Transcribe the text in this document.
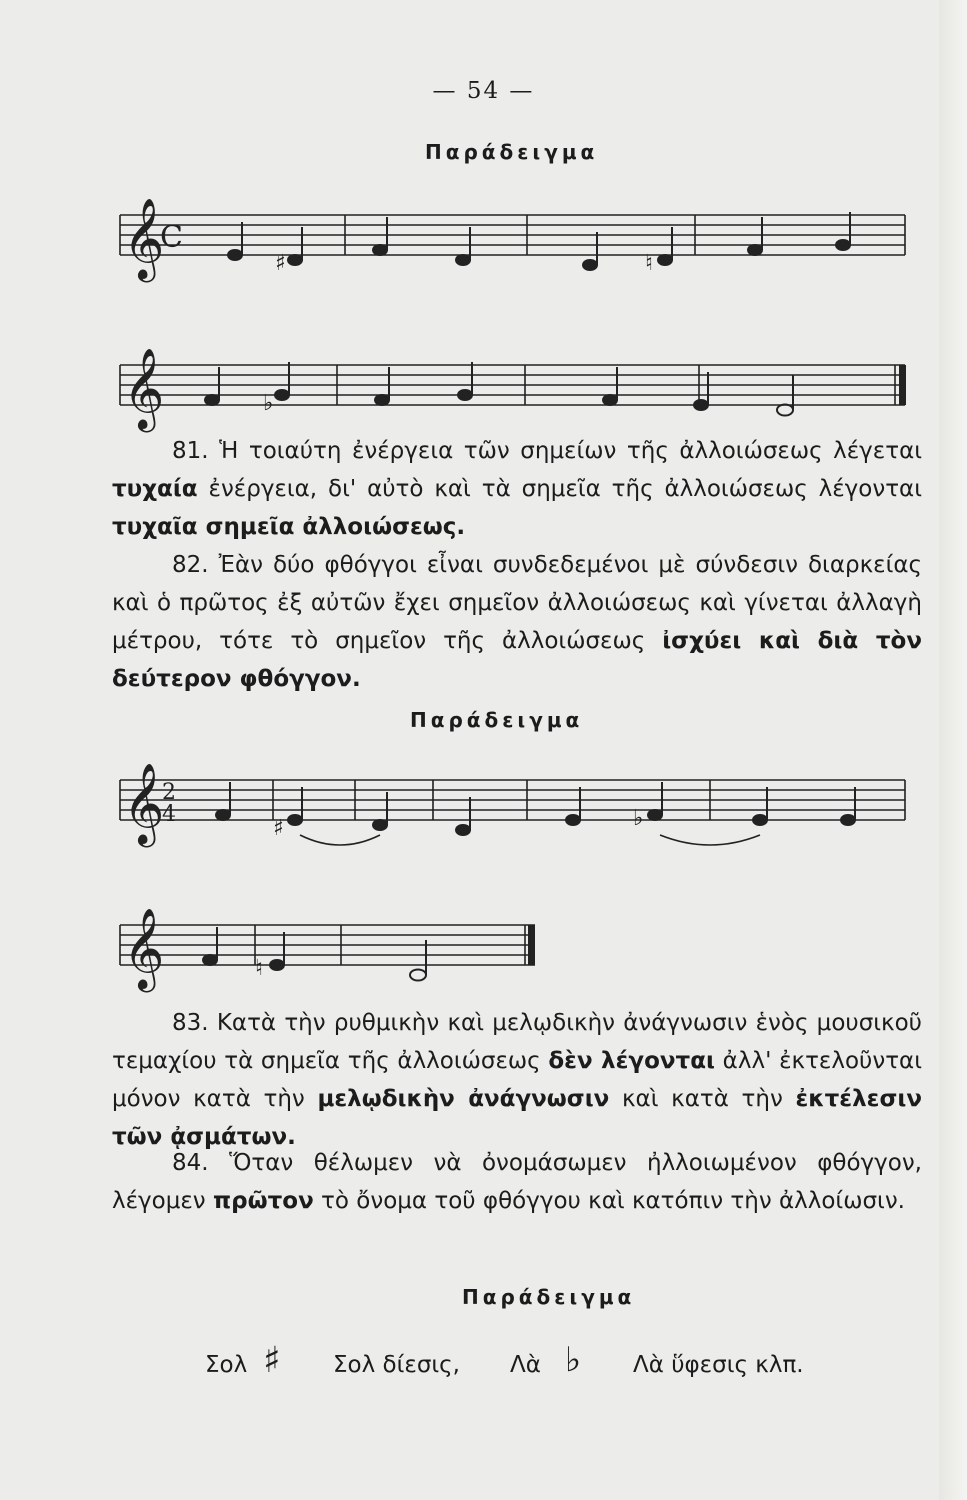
— 54 —
Παράδειγμα
𝄞
C
♯	♮
𝄞	♭

81. Ἡ τοιαύτη ἐνέργεια τῶν σημείων τῆς ἀλλοιώσεως λέγεται τυχαία ἐνέργεια, δι' αὐτὸ καὶ τὰ σημεῖα τῆς ἀλλοιώσεως λέγονται τυχαῖα σημεῖα ἀλλοιώσεως.

82. Ἐὰν δύο φθόγγοι εἶναι συνδεδεμένοι μὲ σύνδεσιν διαρκείας καὶ ὁ πρῶτος ἐξ αὐτῶν ἔχει σημεῖον ἀλλοιώσεως καὶ γίνεται ἀλλαγὴ μέτρου, τότε τὸ σημεῖον τῆς ἀλλοιώσεως ἰσχύει καὶ διὰ τὸν δεύτερον φθόγγον.

Παράδειγμα
𝄞
2
4
♯	♭
𝄞	♮

83. Κατὰ τὴν ρυθμικὴν καὶ μελῳδικὴν ἀνάγνωσιν ἑνὸς μουσικοῦ τεμαχίου τὰ σημεῖα τῆς ἀλλοιώσεως δὲν λέγονται ἀλλ' ἐκτελοῦνται μόνον κατὰ τὴν μελῳδικὴν ἀνάγνωσιν καὶ κατὰ τὴν ἐκτέλεσιν τῶν ᾀσμάτων.

84. Ὅταν θέλωμεν νὰ ὀνομάσωμεν ἠλλοιωμένον φθόγγον, λέγομεν πρῶτον τὸ ὄνομα τοῦ φθόγγου καὶ κατόπιν τὴν ἀλλοίωσιν.

Παράδειγμα
Σολ ♯ Σολ δίεσις, Λὰ ♭ Λὰ ὕφεσις κλπ.
